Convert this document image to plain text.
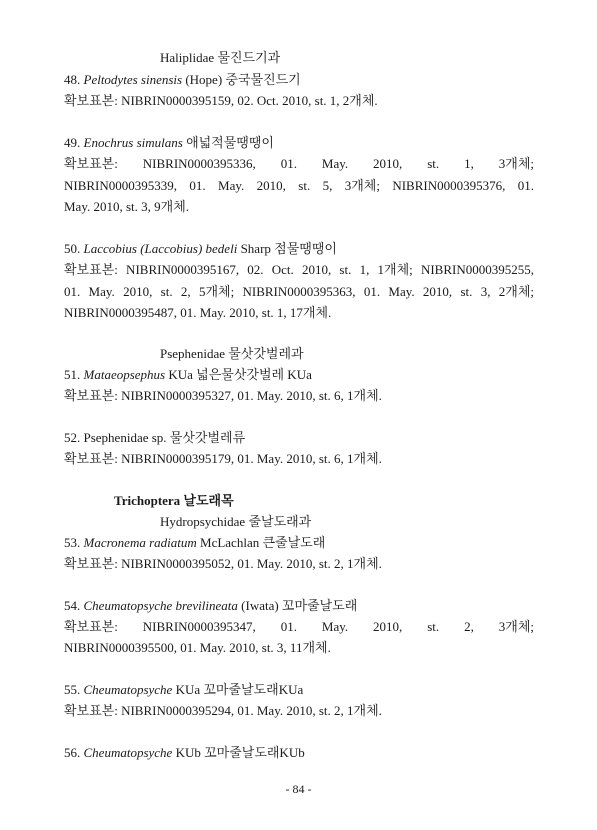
Haliplidae 물진드기과
48. Peltodytes sinensis (Hope) 중국물진드기
확보표본: NIBRIN0000395159, 02. Oct. 2010, st. 1, 2개체.
49. Enochrus simulans 애넓적물땡땡이
확보표본: NIBRIN0000395336, 01. May. 2010, st. 1, 3개체;
NIBRIN0000395339, 01. May. 2010, st. 5, 3개체; NIBRIN0000395376, 01.
May. 2010, st. 3, 9개체.
50. Laccobius (Laccobius) bedeli Sharp 점물땡땡이
확보표본: NIBRIN0000395167, 02. Oct. 2010, st. 1, 1개체; NIBRIN0000395255,
01. May. 2010, st. 2, 5개체; NIBRIN0000395363, 01. May. 2010, st. 3, 2개체;
NIBRIN0000395487, 01. May. 2010, st. 1, 17개체.
Psephenidae 물삿갓벌레과
51. Mataeopsephus KUa 넓은물삿갓벌레 KUa
확보표본: NIBRIN0000395327, 01. May. 2010, st. 6, 1개체.
52. Psephenidae sp. 물삿갓벌레류
확보표본: NIBRIN0000395179, 01. May. 2010, st. 6, 1개체.
Trichoptera 날도래목
Hydropsychidae 줄날도래과
53. Macronema radiatum McLachlan 큰줄날도래
확보표본: NIBRIN0000395052, 01. May. 2010, st. 2, 1개체.
54. Cheumatopsyche brevilineata (Iwata) 꼬마줄날도래
확보표본: NIBRIN0000395347, 01. May. 2010, st. 2, 3개체;
NIBRIN0000395500, 01. May. 2010, st. 3, 11개체.
55. Cheumatopsyche KUa 꼬마줄날도래KUa
확보표본: NIBRIN0000395294, 01. May. 2010, st. 2, 1개체.
56. Cheumatopsyche KUb 꼬마줄날도래KUb
- 84 -
